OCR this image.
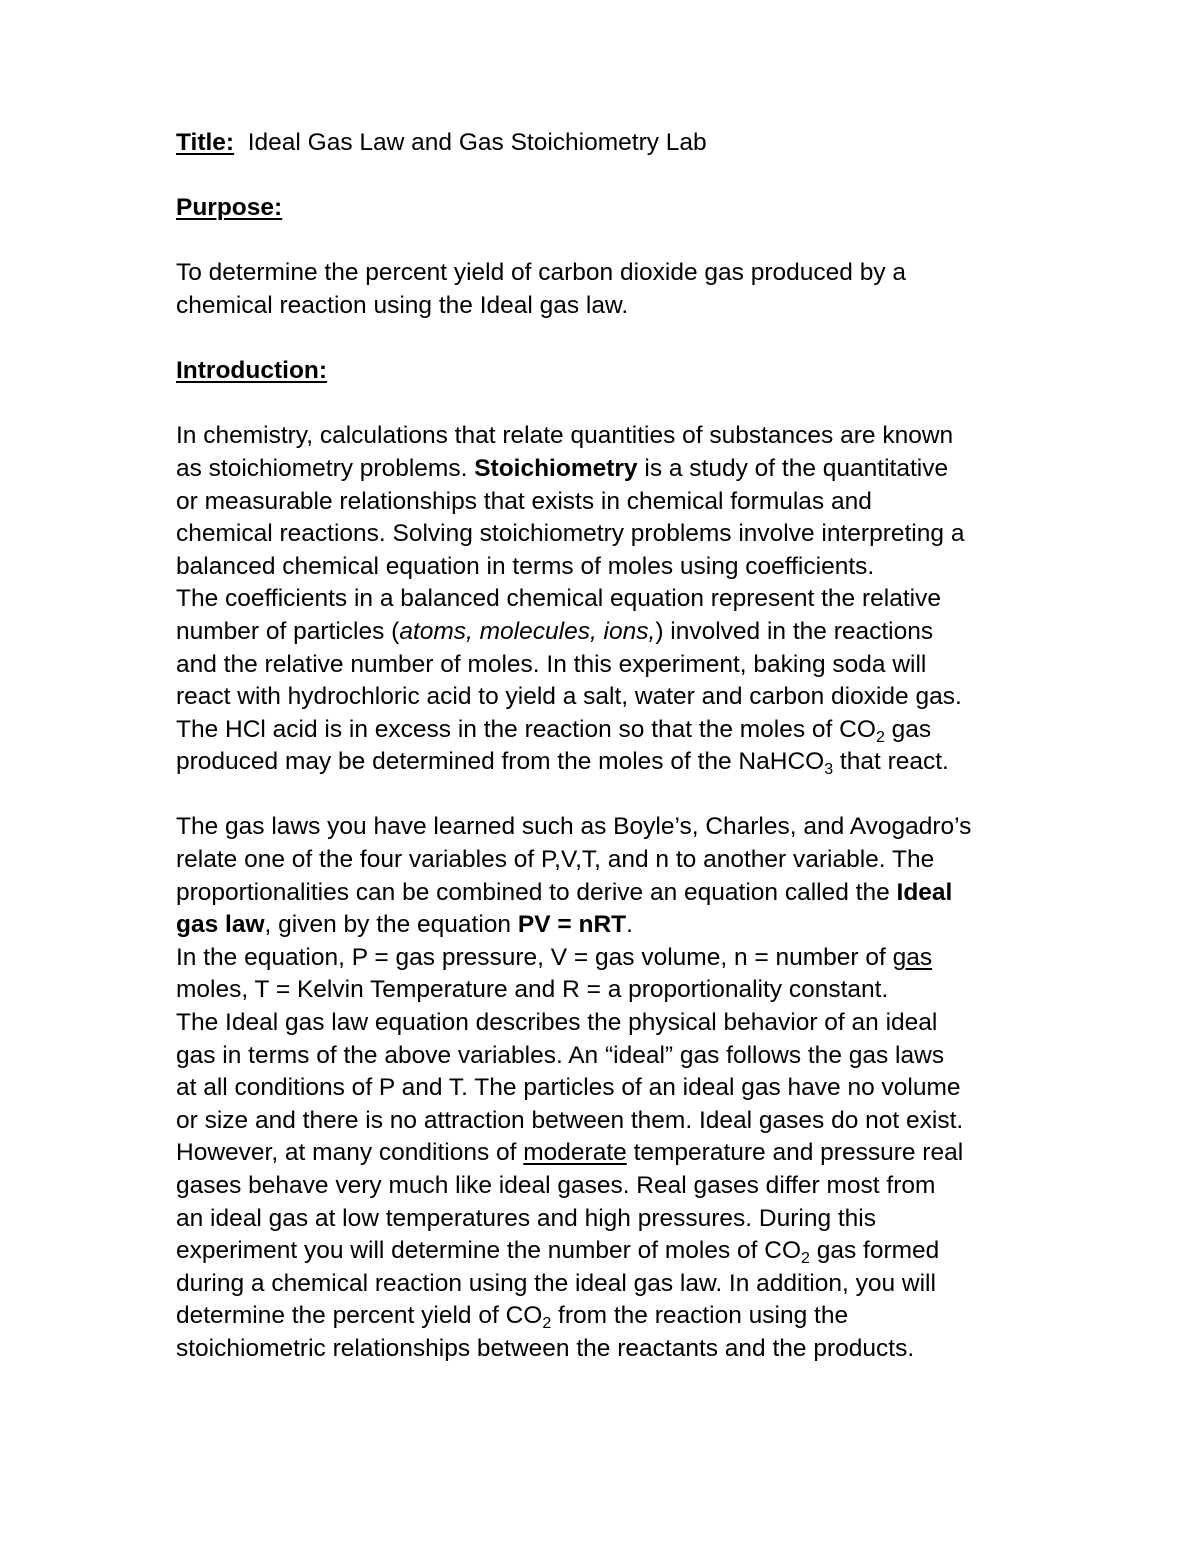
Title: Ideal Gas Law and Gas Stoichiometry Lab
Purpose:
To determine the percent yield of carbon dioxide gas produced by a
chemical reaction using the Ideal gas law.
Introduction:
In chemistry, calculations that relate quantities of substances are known
as stoichiometry problems. Stoichiometry is a study of the quantitative
or measurable relationships that exists in chemical formulas and
chemical reactions. Solving stoichiometry problems involve interpreting a
balanced chemical equation in terms of moles using coefficients.
The coefficients in a balanced chemical equation represent the relative
number of particles (atoms, molecules, ions,) involved in the reactions
and the relative number of moles. In this experiment, baking soda will
react with hydrochloric acid to yield a salt, water and carbon dioxide gas.
The HCl acid is in excess in the reaction so that the moles of $CO_2$ gas
produced may be determined from the moles of the NaHCO$_3$ that react.
The gas laws you have learned such as Boyle’s, Charles, and Avogadro’s
relate one of the four variables of P,V,T, and n to another variable. The
proportionalities can be combined to derive an equation called the Ideal
gas law, given by the equation PV = nRT.
In the equation, P = gas pressure, V = gas volume, n = number of gas
moles, T = Kelvin Temperature and R = a proportionality constant.
The Ideal gas law equation describes the physical behavior of an ideal
gas in terms of the above variables. An “ideal” gas follows the gas laws
at all conditions of P and T. The particles of an ideal gas have no volume
or size and there is no attraction between them. Ideal gases do not exist.
However, at many conditions of moderate temperature and pressure real
gases behave very much like ideal gases. Real gases differ most from
an ideal gas at low temperatures and high pressures. During this
experiment you will determine the number of moles of $CO_2$ gas formed
during a chemical reaction using the ideal gas law. In addition, you will
determine the percent yield of $CO_2$ from the reaction using the
stoichiometric relationships between the reactants and the products.
